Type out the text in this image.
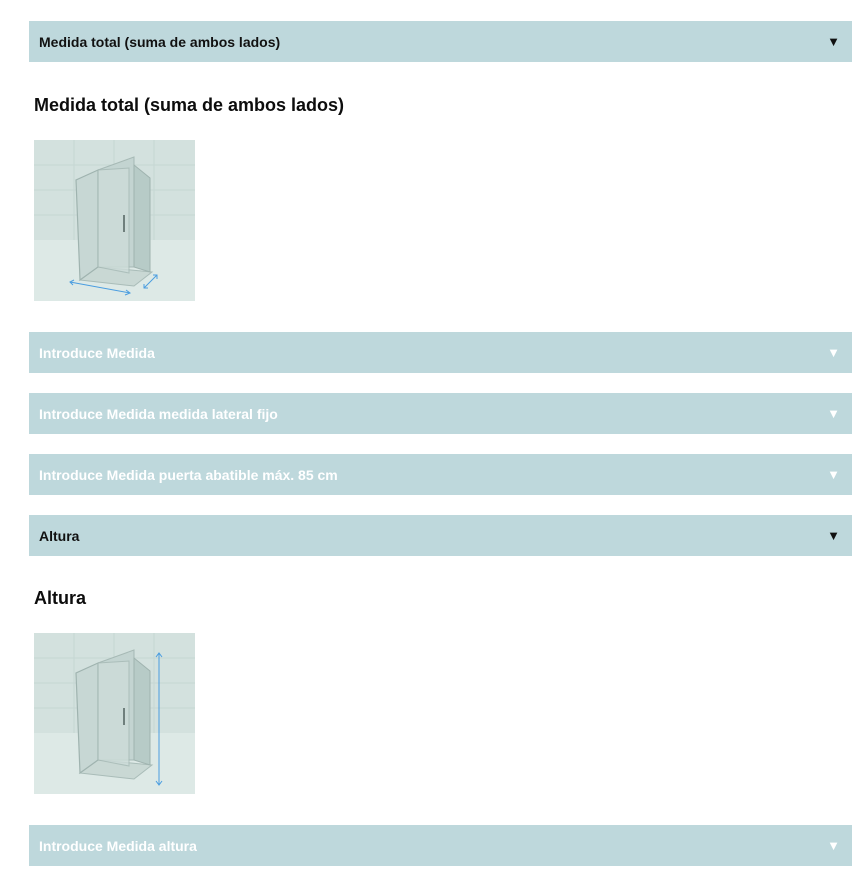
Medida total (suma de ambos lados)	▼
Medida total (suma de ambos lados)
Introduce Medida	▼
Introduce Medida medida lateral fijo	▼
Introduce Medida puerta abatible máx. 85 cm	▼
Altura	▼
Altura
Introduce Medida altura	▼
